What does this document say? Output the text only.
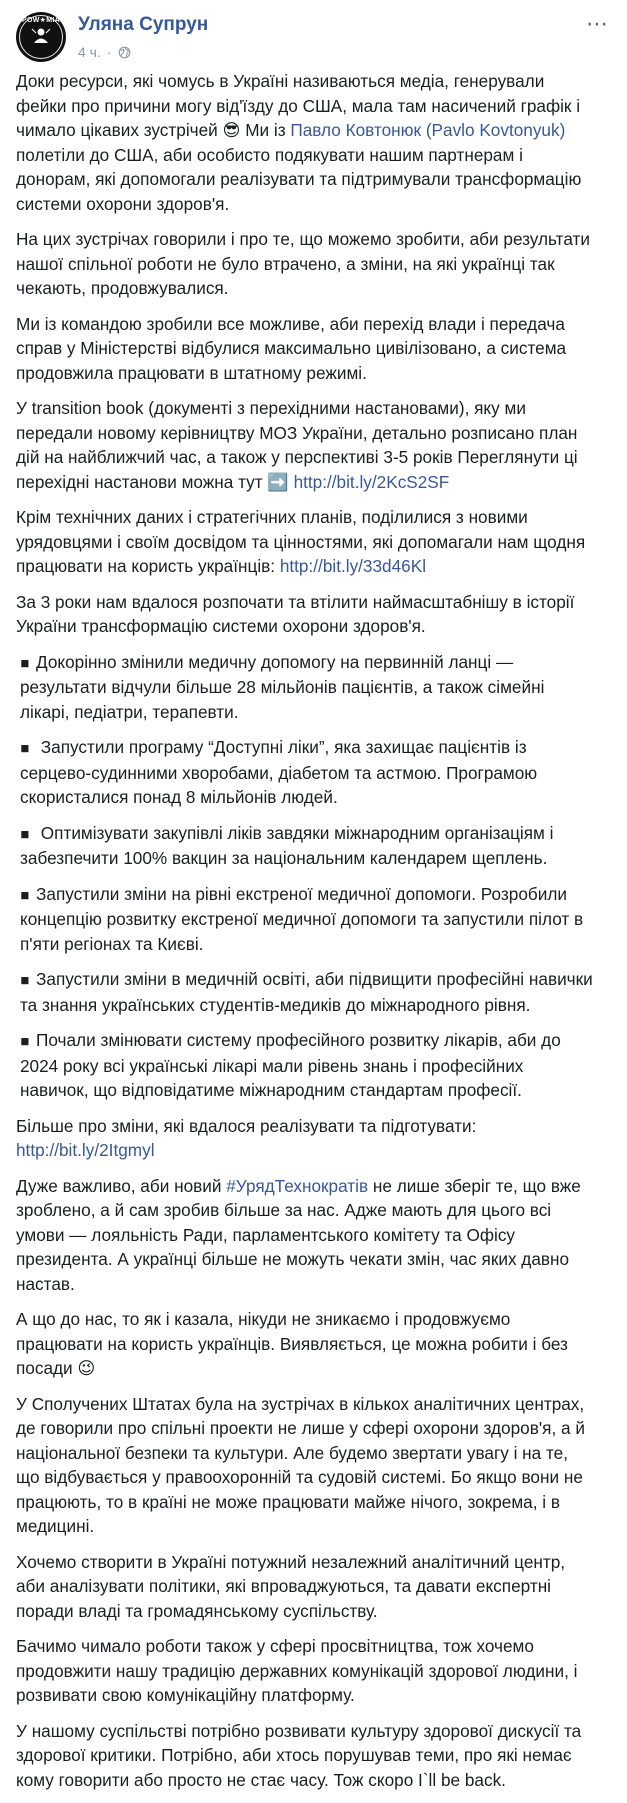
POW★MIA Уляна Супрун
4 ч. ·
⋯

Доки ресурси, які чомусь в Україні називаються медіа, генерували фейки про причини могу від'їзду до США, мала там насичений графік і чимало цікавих зустрічей 😎 Ми із Павло Ковтонюк (Pavlo Kovtonyuk) полетіли до США, аби особисто подякувати нашим партнерам і донорам, які допомогали реалізувати та підтримували трансформацію системи охорони здоров'я.

На цих зустрічах говорили і про те, що можемо зробити, аби результати нашої спільної роботи не було втрачено, а зміни, на які українці так чекають, продовжувалися.

Ми із командою зробили все можливе, аби перехід влади і передача справ у Міністерстві відбулися максимально цивілізовано, а система продовжила працювати в штатному режимі.

У transition book (документі з перехідними настановами), яку ми передали новому керівництву МОЗ України, детально розписано план дій на найближчий час, а також у перспективі 3-5 років Переглянути ці перехідні настанови можна тут ➡️ http://bit.ly/2KcS2SF

Крім технічних даних і стратегічних планів, поділилися з новими урядовцями і своїм досвідом та цінностями, які допомагали нам щодня працювати на користь українців: http://bit.ly/33d46Kl

За 3 роки нам вдалося розпочати та втілити наймасштабнішу в історії України трансформацію системи охорони здоров'я.

◾ Докорінно змінили медичну допомогу на первинній ланці — результати відчули більше 28 мільйонів пацієнтів, а також сімейні лікарі, педіатри, терапевти.

◾ Запустили програму “Доступні ліки”, яка захищає пацієнтів із серцево-судинними хворобами, діабетом та астмою. Програмою скористалися понад 8 мільйонів людей.

◾ Оптимізувати закупівлі ліків завдяки міжнародним організаціям і забезпечити 100% вакцин за національним календарем щеплень.

◾ Запустили зміни на рівні екстреної медичної допомоги. Розробили концепцію розвитку екстреної медичної допомоги та запустили пілот в п'яти регіонах та Києві.

◾ Запустили зміни в медичній освіті, аби підвищити професійні навички та знання українських студентів-медиків до міжнародного рівня.

◾ Почали змінювати систему професійного розвитку лікарів, аби до 2024 року всі українські лікарі мали рівень знань і професійних навичок, що відповідатиме міжнародним стандартам професії.

Більше про зміни, які вдалося реалізувати та підготувати: http://bit.ly/2Itgmyl

Дуже важливо, аби новий #УрядТехнократів не лише зберіг те, що вже зроблено, а й сам зробив більше за нас. Адже мають для цього всі умови — лояльність Ради, парламентського комітету та Офісу президента. А українці більше не можуть чекати змін, час яких давно настав.

А що до нас, то як і казала, нікуди не зникаємо і продовжуємо працювати на користь українців. Виявляється, це можна робити і без посади 😉

У Сполучених Штатах була на зустрічах в кількох аналітичних центрах, де говорили про спільні проекти не лише у сфері охорони здоров'я, а й національної безпеки та культури. Але будемо звертати увагу і на те, що відбувається у правоохоронній та судовій системі. Бо якщо вони не працюють, то в країні не може працювати майже нічого, зокрема, і в медицині.

Хочемо створити в Україні потужний незалежний аналітичний центр, аби аналізувати політики, які впроваджуються, та давати експертні поради владі та громадянському суспільству.

Бачимо чимало роботи також у сфері просвітництва, тож хочемо продовжити нашу традицію державних комунікацій здорової людини, і розвивати свою комунікаційну платформу.

У нашому суспільстві потрібно розвивати культуру здорової дискусії та здорової критики. Потрібно, аби хтось порушував теми, про які немає кому говорити або просто не стає часу. Тож скоро I`ll be back.
